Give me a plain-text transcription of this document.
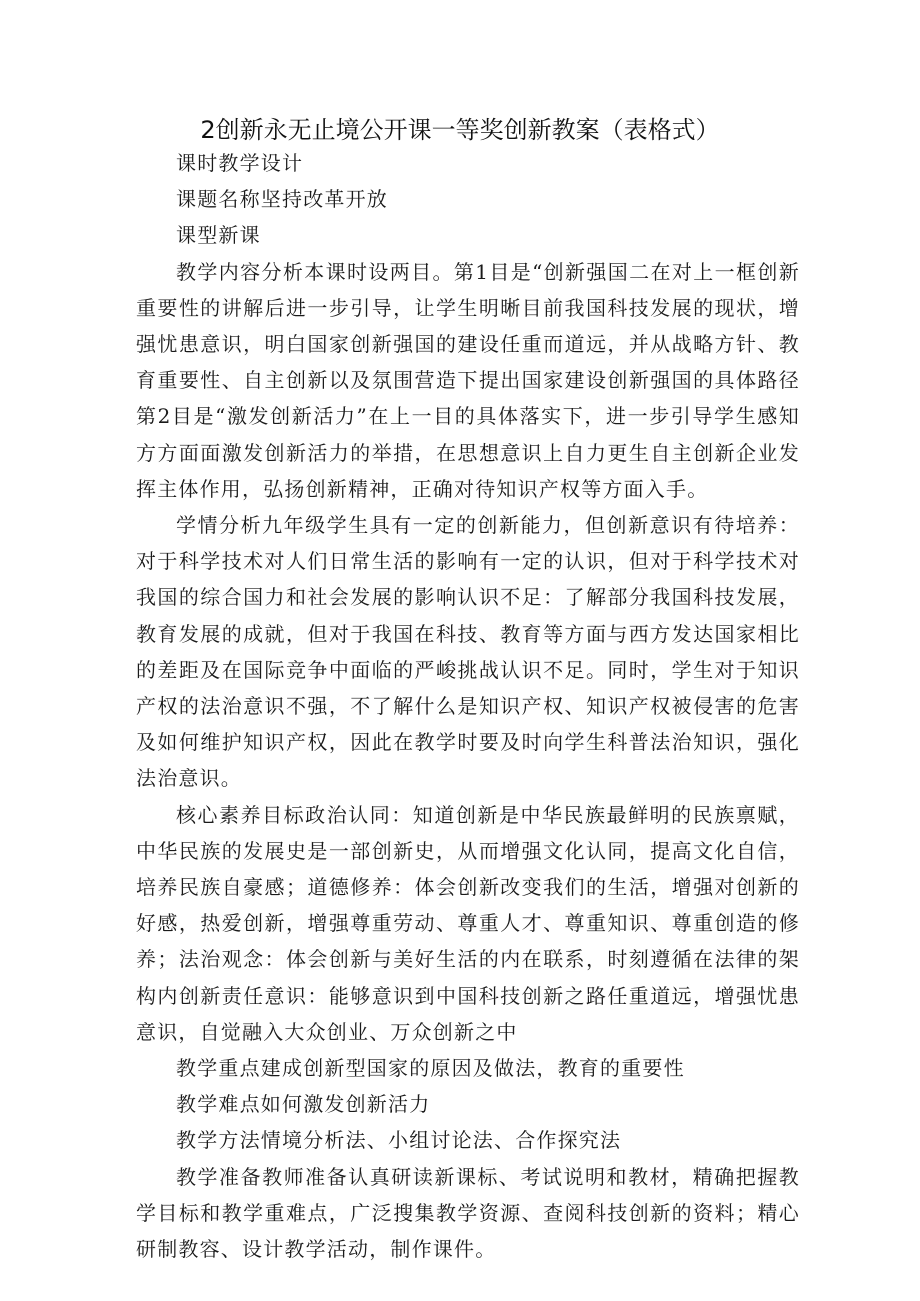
2创新永无止境公开课一等奖创新教案（表格式）

课时教学设计

课题名称坚持改革开放

课型新课

教学内容分析本课时设两目。第1目是“创新强国二在对上一框创新重要性的讲解后进一步引导，让学生明晰目前我国科技发展的现状，增强忧患意识，明白国家创新强国的建设任重而道远，并从战略方针、教育重要性、自主创新以及氛围营造下提出国家建设创新强国的具体路径第2目是“激发创新活力”在上一目的具体落实下，进一步引导学生感知方方面面激发创新活力的举措，在思想意识上自力更生自主创新企业发挥主体作用，弘扬创新精神，正确对待知识产权等方面入手。

学情分析九年级学生具有一定的创新能力，但创新意识有待培养：对于科学技术对人们日常生活的影响有一定的认识，但对于科学技术对我国的综合国力和社会发展的影响认识不足：了解部分我国科技发展，教育发展的成就，但对于我国在科技、教育等方面与西方发达国家相比的差距及在国际竞争中面临的严峻挑战认识不足。同时，学生对于知识产权的法治意识不强，不了解什么是知识产权、知识产权被侵害的危害及如何维护知识产权，因此在教学时要及时向学生科普法治知识，强化法治意识。

核心素养目标政治认同：知道创新是中华民族最鲜明的民族禀赋，中华民族的发展史是一部创新史，从而增强文化认同，提高文化自信，培养民族自豪感；道德修养：体会创新改变我们的生活，增强对创新的好感，热爱创新，增强尊重劳动、尊重人才、尊重知识、尊重创造的修养；法治观念：体会创新与美好生活的内在联系，时刻遵循在法律的架构内创新责任意识：能够意识到中国科技创新之路任重道远，增强忧患意识，自觉融入大众创业、万众创新之中

教学重点建成创新型国家的原因及做法，教育的重要性

教学难点如何激发创新活力

教学方法情境分析法、小组讨论法、合作探究法

教学准备教师准备认真研读新课标、考试说明和教材，精确把握教学目标和教学重难点，广泛搜集教学资源、查阅科技创新的资料；精心研制教容、设计教学活动，制作课件。
